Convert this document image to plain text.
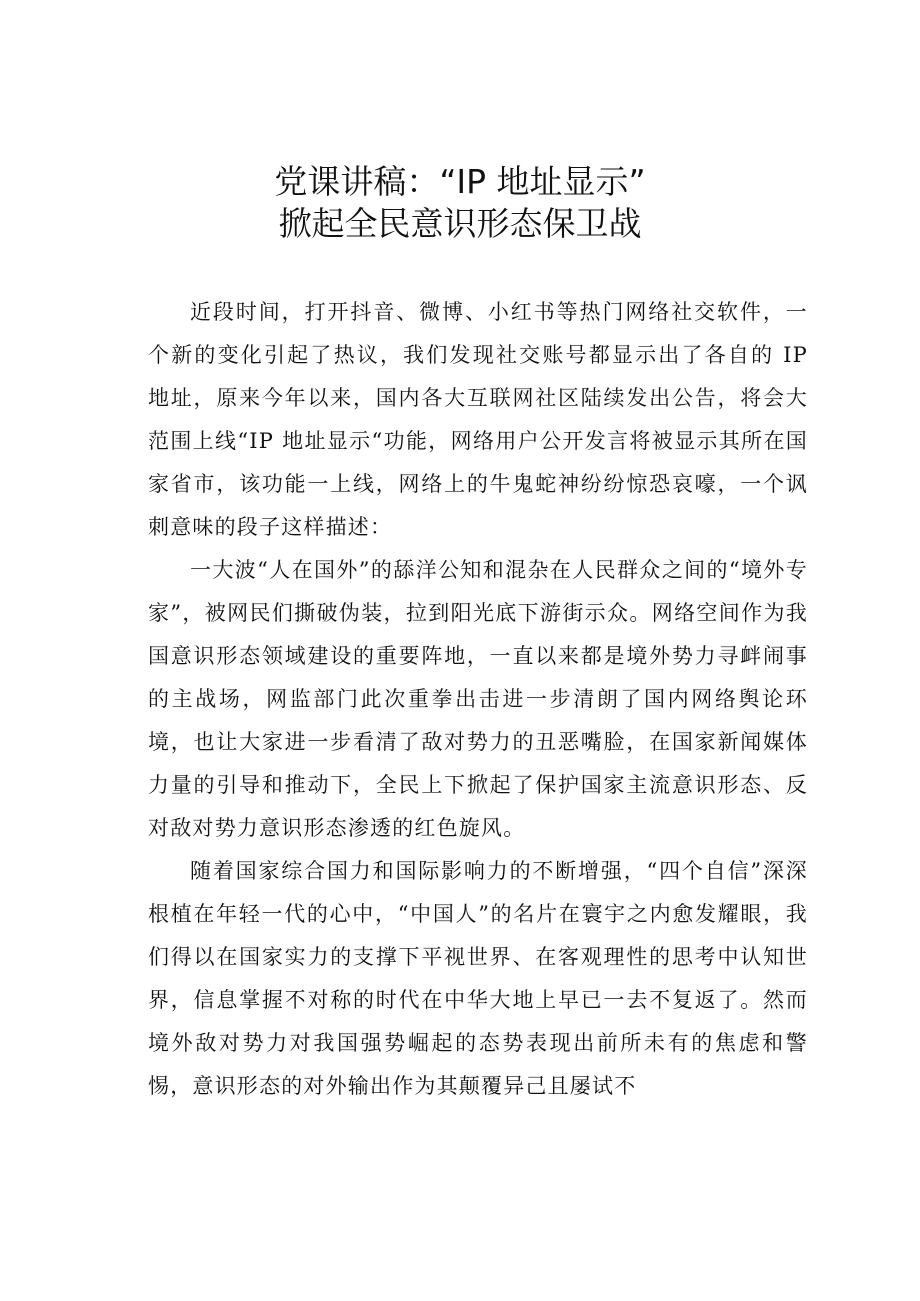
党课讲稿：“IP 地址显示”
掀起全民意识形态保卫战

近段时间，打开抖音、微博、小红书等热门网络社交软件，一个新的变化引起了热议，我们发现社交账号都显示出了各自的 IP 地址，原来今年以来，国内各大互联网社区陆续发出公告，将会大范围上线“IP 地址显示“功能，网络用户公开发言将被显示其所在国家省市，该功能一上线，网络上的牛鬼蛇神纷纷惊恐哀嚎，一个讽刺意味的段子这样描述：

一大波“人在国外”的舔洋公知和混杂在人民群众之间的“境外专家”，被网民们撕破伪装，拉到阳光底下游街示众。网络空间作为我国意识形态领域建设的重要阵地，一直以来都是境外势力寻衅闹事的主战场，网监部门此次重拳出击进一步清朗了国内网络舆论环境，也让大家进一步看清了敌对势力的丑恶嘴脸，在国家新闻媒体力量的引导和推动下，全民上下掀起了保护国家主流意识形态、反对敌对势力意识形态渗透的红色旋风。

随着国家综合国力和国际影响力的不断增强，“四个自信”深深根植在年轻一代的心中，“中国人”的名片在寰宇之内愈发耀眼，我们得以在国家实力的支撑下平视世界、在客观理性的思考中认知世界，信息掌握不对称的时代在中华大地上早已一去不复返了。然而境外敌对势力对我国强势崛起的态势表现出前所未有的焦虑和警惕，意识形态的对外输出作为其颠覆异己且屡试不
